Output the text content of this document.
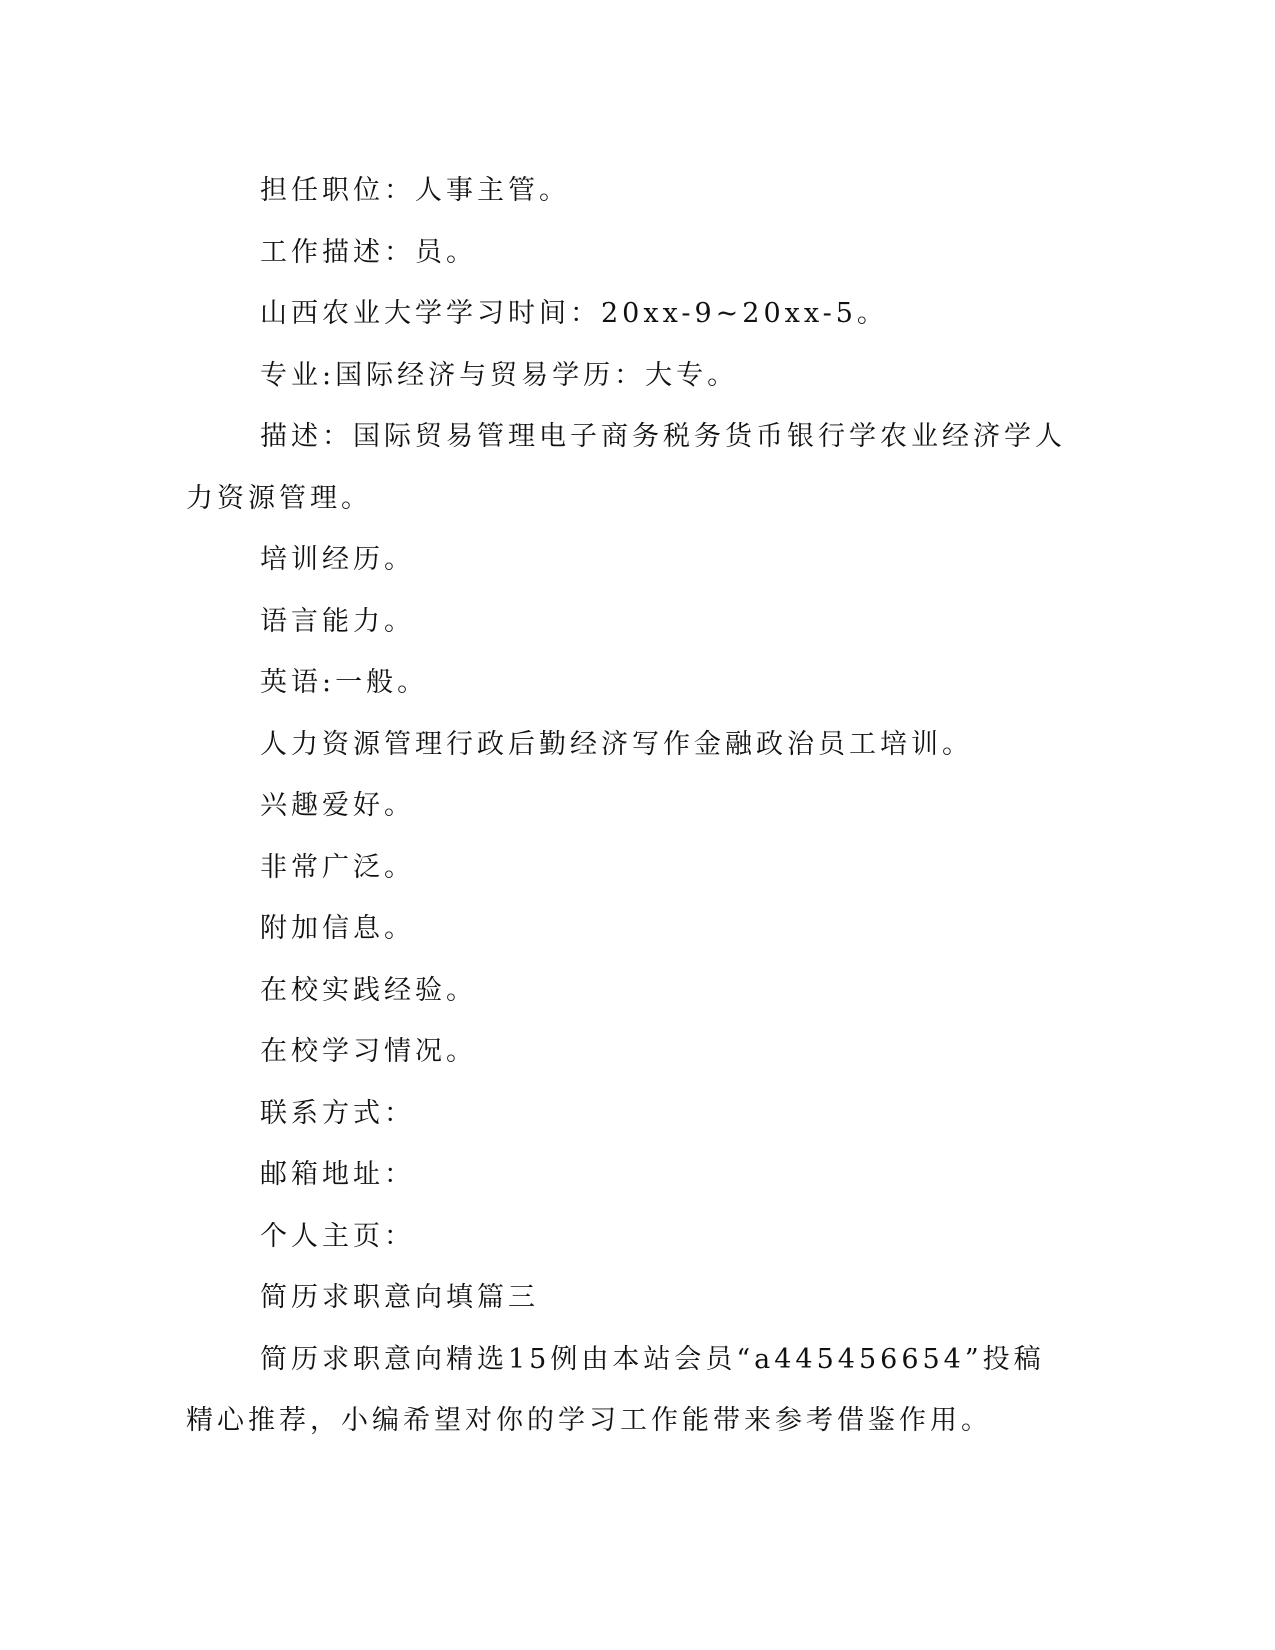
担任职位：人事主管。

工作描述：员。

山西农业大学学习时间：20xx-9~20xx-5。

专业:国际经济与贸易学历：大专。

描述：国际贸易管理电子商务税务货币银行学农业经济学人力资源管理。

培训经历。

语言能力。

英语:一般。

人力资源管理行政后勤经济写作金融政治员工培训。

兴趣爱好。

非常广泛。

附加信息。

在校实践经验。

在校学习情况。

联系方式：

邮箱地址：

个人主页：

简历求职意向填篇三

简历求职意向精选15例由本站会员“a445456654”投稿精心推荐，小编希望对你的学习工作能带来参考借鉴作用。
